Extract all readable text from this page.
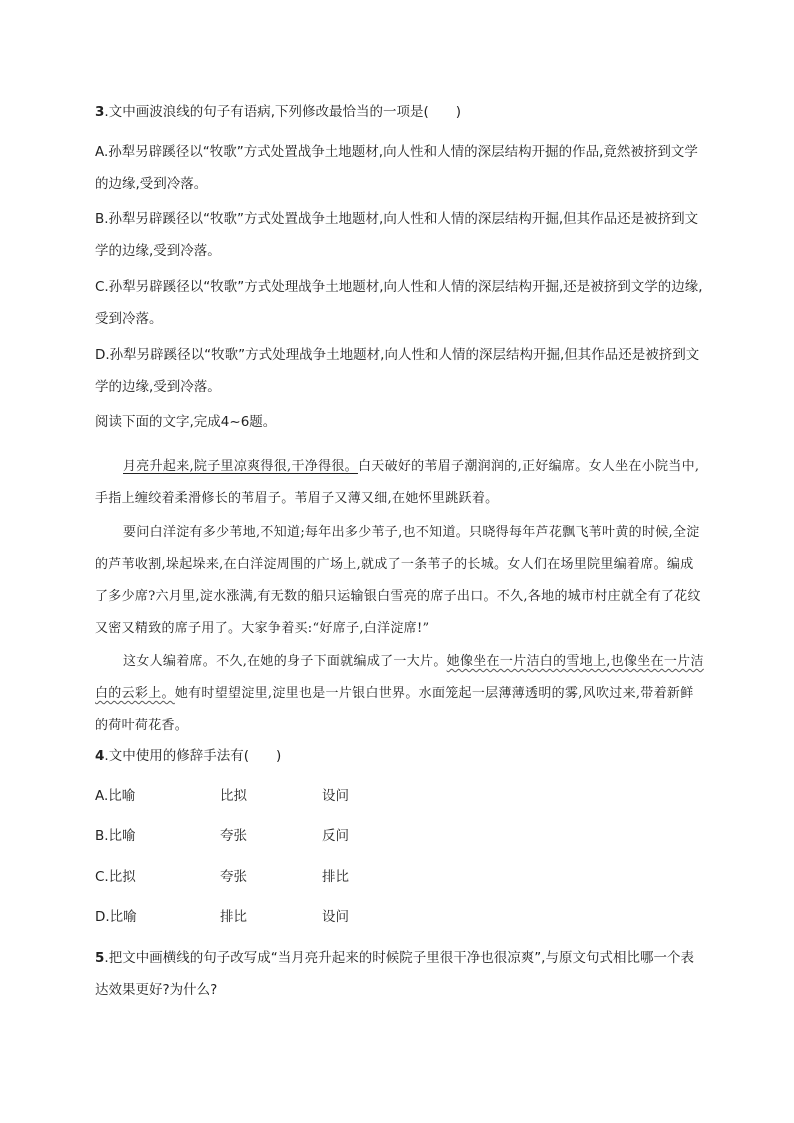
3.文中画波浪线的句子有语病,下列修改最恰当的一项是(　　)

A.孙犁另辟蹊径以“牧歌”方式处置战争土地题材,向人性和人情的深层结构开掘的作品,竟然被挤到文学的边缘,受到冷落。

B.孙犁另辟蹊径以“牧歌”方式处置战争土地题材,向人性和人情的深层结构开掘,但其作品还是被挤到文学的边缘,受到冷落。

C.孙犁另辟蹊径以“牧歌”方式处理战争土地题材,向人性和人情的深层结构开掘,还是被挤到文学的边缘,受到冷落。

D.孙犁另辟蹊径以“牧歌”方式处理战争土地题材,向人性和人情的深层结构开掘,但其作品还是被挤到文学的边缘,受到冷落。

阅读下面的文字,完成4~6题。

月亮升起来,院子里凉爽得很,干净得很。白天破好的苇眉子潮润润的,正好编席。女人坐在小院当中,手指上缠绞着柔滑修长的苇眉子。苇眉子又薄又细,在她怀里跳跃着。

要问白洋淀有多少苇地,不知道;每年出多少苇子,也不知道。只晓得每年芦花飘飞苇叶黄的时候,全淀的芦苇收割,垛起垛来,在白洋淀周围的广场上,就成了一条苇子的长城。女人们在场里院里编着席。编成了多少席?六月里,淀水涨满,有无数的船只运输银白雪亮的席子出口。不久,各地的城市村庄就全有了花纹又密又精致的席子用了。大家争着买:“好席子,白洋淀席!”

这女人编着席。不久,在她的身子下面就编成了一大片。她像坐在一片洁白的雪地上,也像坐在一片洁白的云彩上。她有时望望淀里,淀里也是一片银白世界。水面笼起一层薄薄透明的雾,风吹过来,带着新鲜的荷叶荷花香。

4.文中使用的修辞手法有(　　)

A.比喻	比拟	设问
B.比喻	夸张	反问
C.比拟	夸张	排比
D.比喻	排比	设问

5.把文中画横线的句子改写成“当月亮升起来的时候院子里很干净也很凉爽”,与原文句式相比哪一个表达效果更好?为什么?
